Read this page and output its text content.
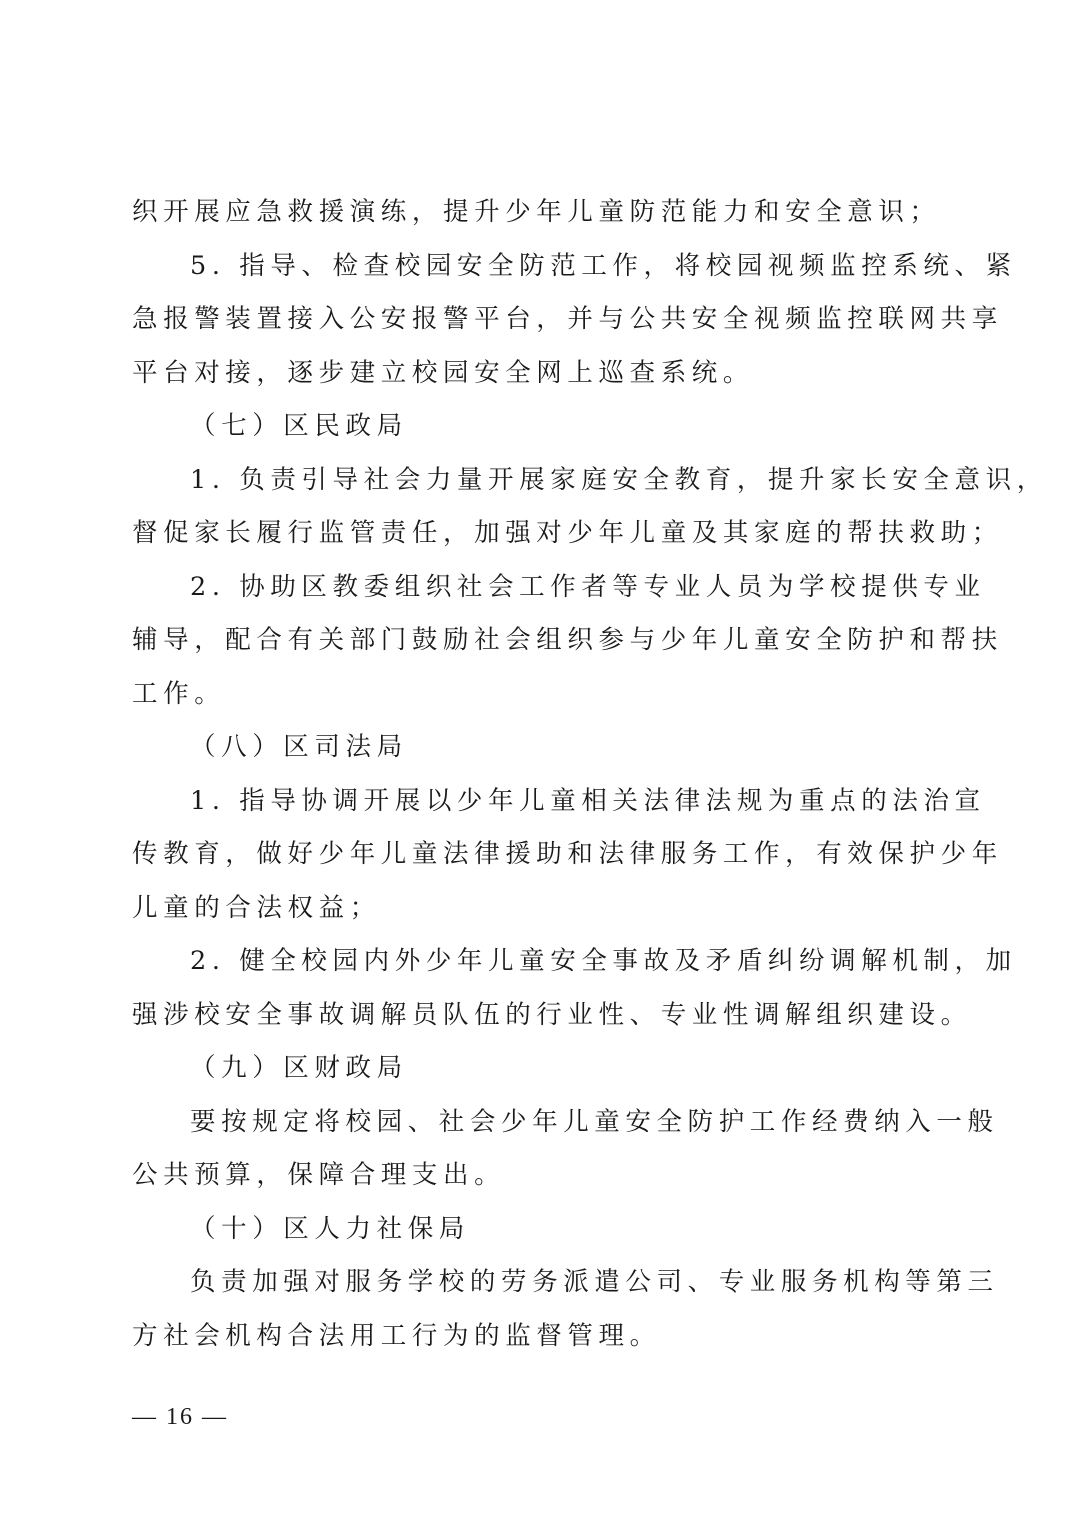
织开展应急救援演练，提升少年儿童防范能力和安全意识；
5. 指导、检查校园安全防范工作，将校园视频监控系统、紧
急报警装置接入公安报警平台，并与公共安全视频监控联网共享
平台对接，逐步建立校园安全网上巡查系统。
（七）区民政局
1. 负责引导社会力量开展家庭安全教育，提升家长安全意识，
督促家长履行监管责任，加强对少年儿童及其家庭的帮扶救助；
2. 协助区教委组织社会工作者等专业人员为学校提供专业
辅导，配合有关部门鼓励社会组织参与少年儿童安全防护和帮扶
工作。
（八）区司法局
1. 指导协调开展以少年儿童相关法律法规为重点的法治宣
传教育，做好少年儿童法律援助和法律服务工作，有效保护少年
儿童的合法权益；
2. 健全校园内外少年儿童安全事故及矛盾纠纷调解机制，加
强涉校安全事故调解员队伍的行业性、专业性调解组织建设。
（九）区财政局
要按规定将校园、社会少年儿童安全防护工作经费纳入一般
公共预算，保障合理支出。
（十）区人力社保局
负责加强对服务学校的劳务派遣公司、专业服务机构等第三
方社会机构合法用工行为的监督管理。
— 16 —
